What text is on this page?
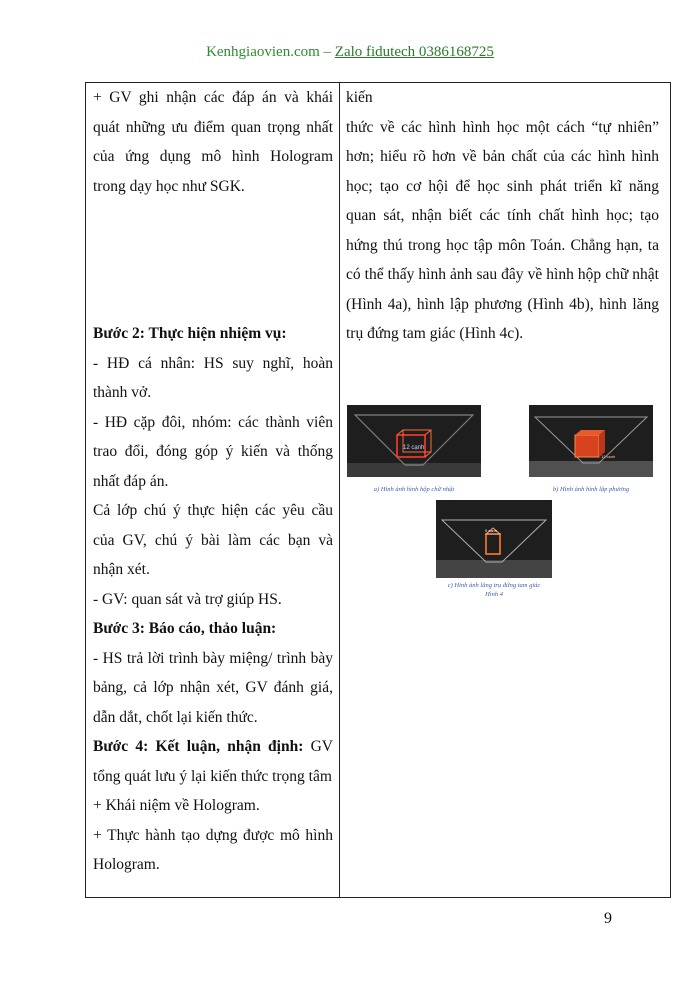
Kenhgiaovien.com – Zalo fidutech 0386168725
+ GV ghi nhận các đáp án và khái quát những ưu điểm quan trọng nhất của ứng dụng mô hình Hologram trong dạy học như SGK.
Bước 2: Thực hiện nhiệm vụ:
- HĐ cá nhân: HS suy nghĩ, hoàn thành vở.
- HĐ cặp đôi, nhóm: các thành viên trao đổi, đóng góp ý kiến và thống nhất đáp án.
Cả lớp chú ý thực hiện các yêu cầu của GV, chú ý bài làm các bạn và nhận xét.
- GV: quan sát và trợ giúp HS.
Bước 3: Báo cáo, thảo luận:
- HS trả lời trình bày miệng/ trình bày bảng, cả lớp nhận xét, GV đánh giá, dẫn dắt, chốt lại kiến thức.
Bước 4: Kết luận, nhận định: GV tổng quát lưu ý lại kiến thức trọng tâm
+ Khái niệm về Hologram.
+ Thực hành tạo dựng được mô hình Hologram.
kiến
thức về các hình hình học một cách “tự nhiên” hơn; hiểu rõ hơn về bản chất của các hình hình học; tạo cơ hội để học sinh phát triển kĩ năng quan sát, nhận biết các tính chất hình học; tạo hứng thú trong học tập môn Toán. Chẳng hạn, ta có thể thấy hình ảnh sau đây về hình hộp chữ nhật (Hình 4a), hình lập phương (Hình 4b), hình lăng trụ đứng tam giác (Hình 4c).
12 cạnh
12 cạnh
a) Hình ảnh hình hộp chữ nhật	b) Hình ảnh hình lập phương
9 cạnh
c) Hình ảnh lăng trụ đứng tam giác
Hình 4
9
